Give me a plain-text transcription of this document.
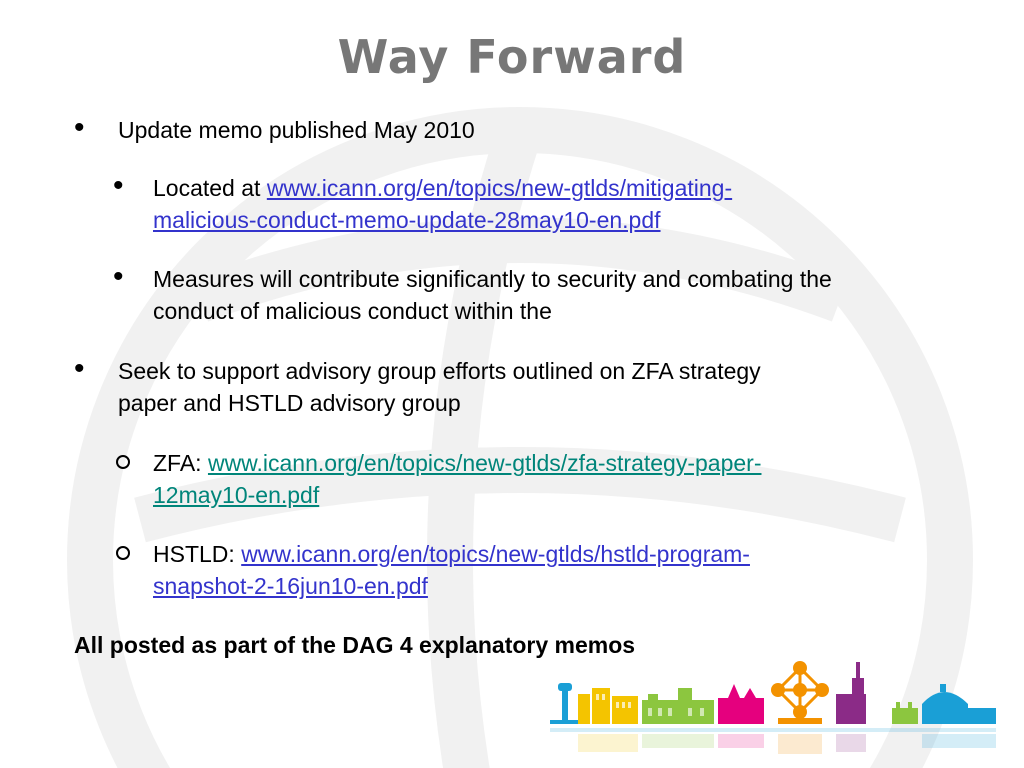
Way Forward
• Update memo published May 2010
• Located at www.icann.org/en/topics/new-gtlds/mitigating-
malicious-conduct-memo-update-28may10-en.pdf
• Measures will contribute significantly to security and combating the
conduct of malicious conduct within the
• Seek to support advisory group efforts outlined on ZFA strategy
paper and HSTLD advisory group
ZFA: www.icann.org/en/topics/new-gtlds/zfa-strategy-paper-
12may10-en.pdf
HSTLD: www.icann.org/en/topics/new-gtlds/hstld-program-
snapshot-2-16jun10-en.pdf
All posted as part of the DAG 4 explanatory memos
